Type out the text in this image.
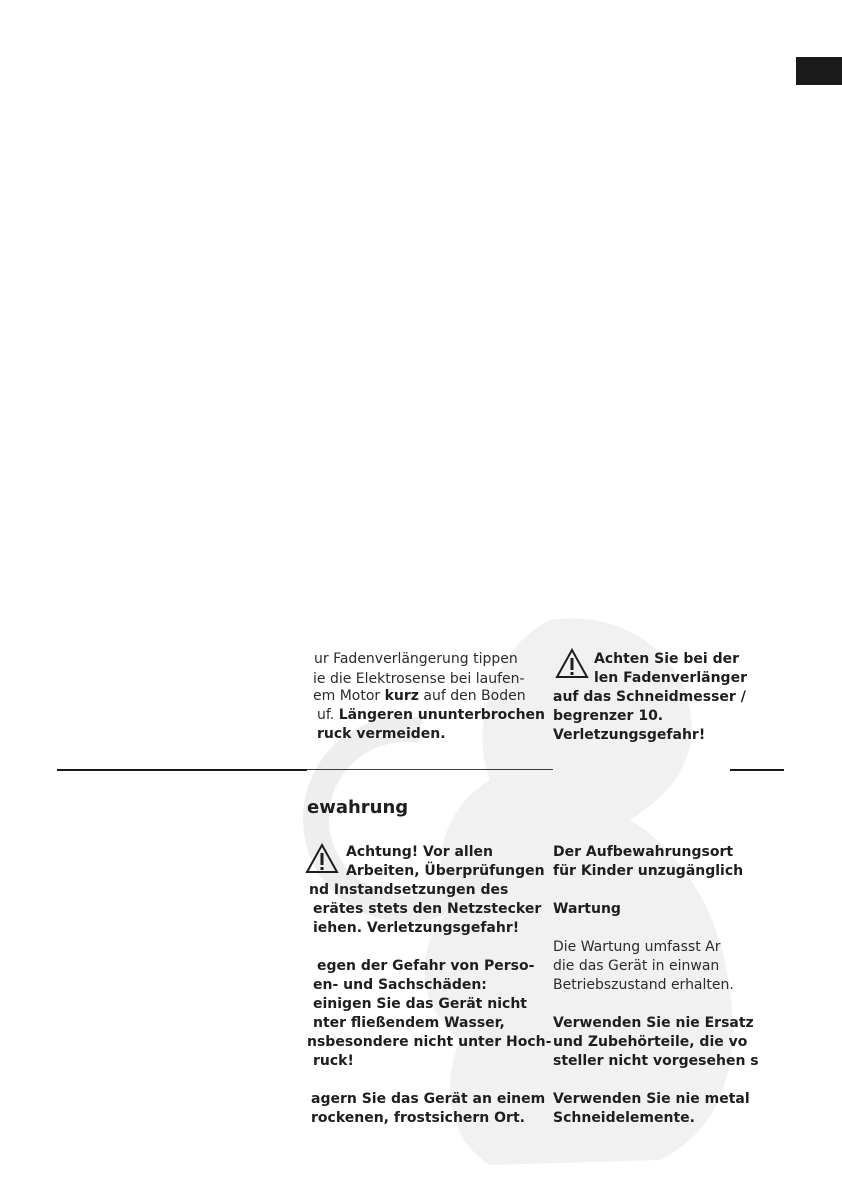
ur Fadenverlängerung tippen
ie die Elektrosense bei laufen-
em Motor kurz auf den Boden
uf. Längeren ununterbrochen
ruck vermeiden.
Achten Sie bei der
len Fadenverlänger
auf das Schneidmesser /
begrenzer 10.
Verletzungsgefahr!
ewahrung
Achtung! Vor allen
Arbeiten, Überprüfungen
nd Instandsetzungen des
erätes stets den Netzstecker
iehen. Verletzungsgefahr!
egen der Gefahr von Perso-
en- und Sachschäden:
einigen Sie das Gerät nicht
nter fließendem Wasser,
nsbesondere nicht unter Hoch-
ruck!
agern Sie das Gerät an einem
rockenen, frostsichern Ort.
Der Aufbewahrungsort
für Kinder unzugänglich
Wartung
Die Wartung umfasst Ar
die das Gerät in einwan
Betriebszustand erhalten.
Verwenden Sie nie Ersatz
und Zubehörteile, die vo
steller nicht vorgesehen s
Verwenden Sie nie metal
Schneidelemente.
